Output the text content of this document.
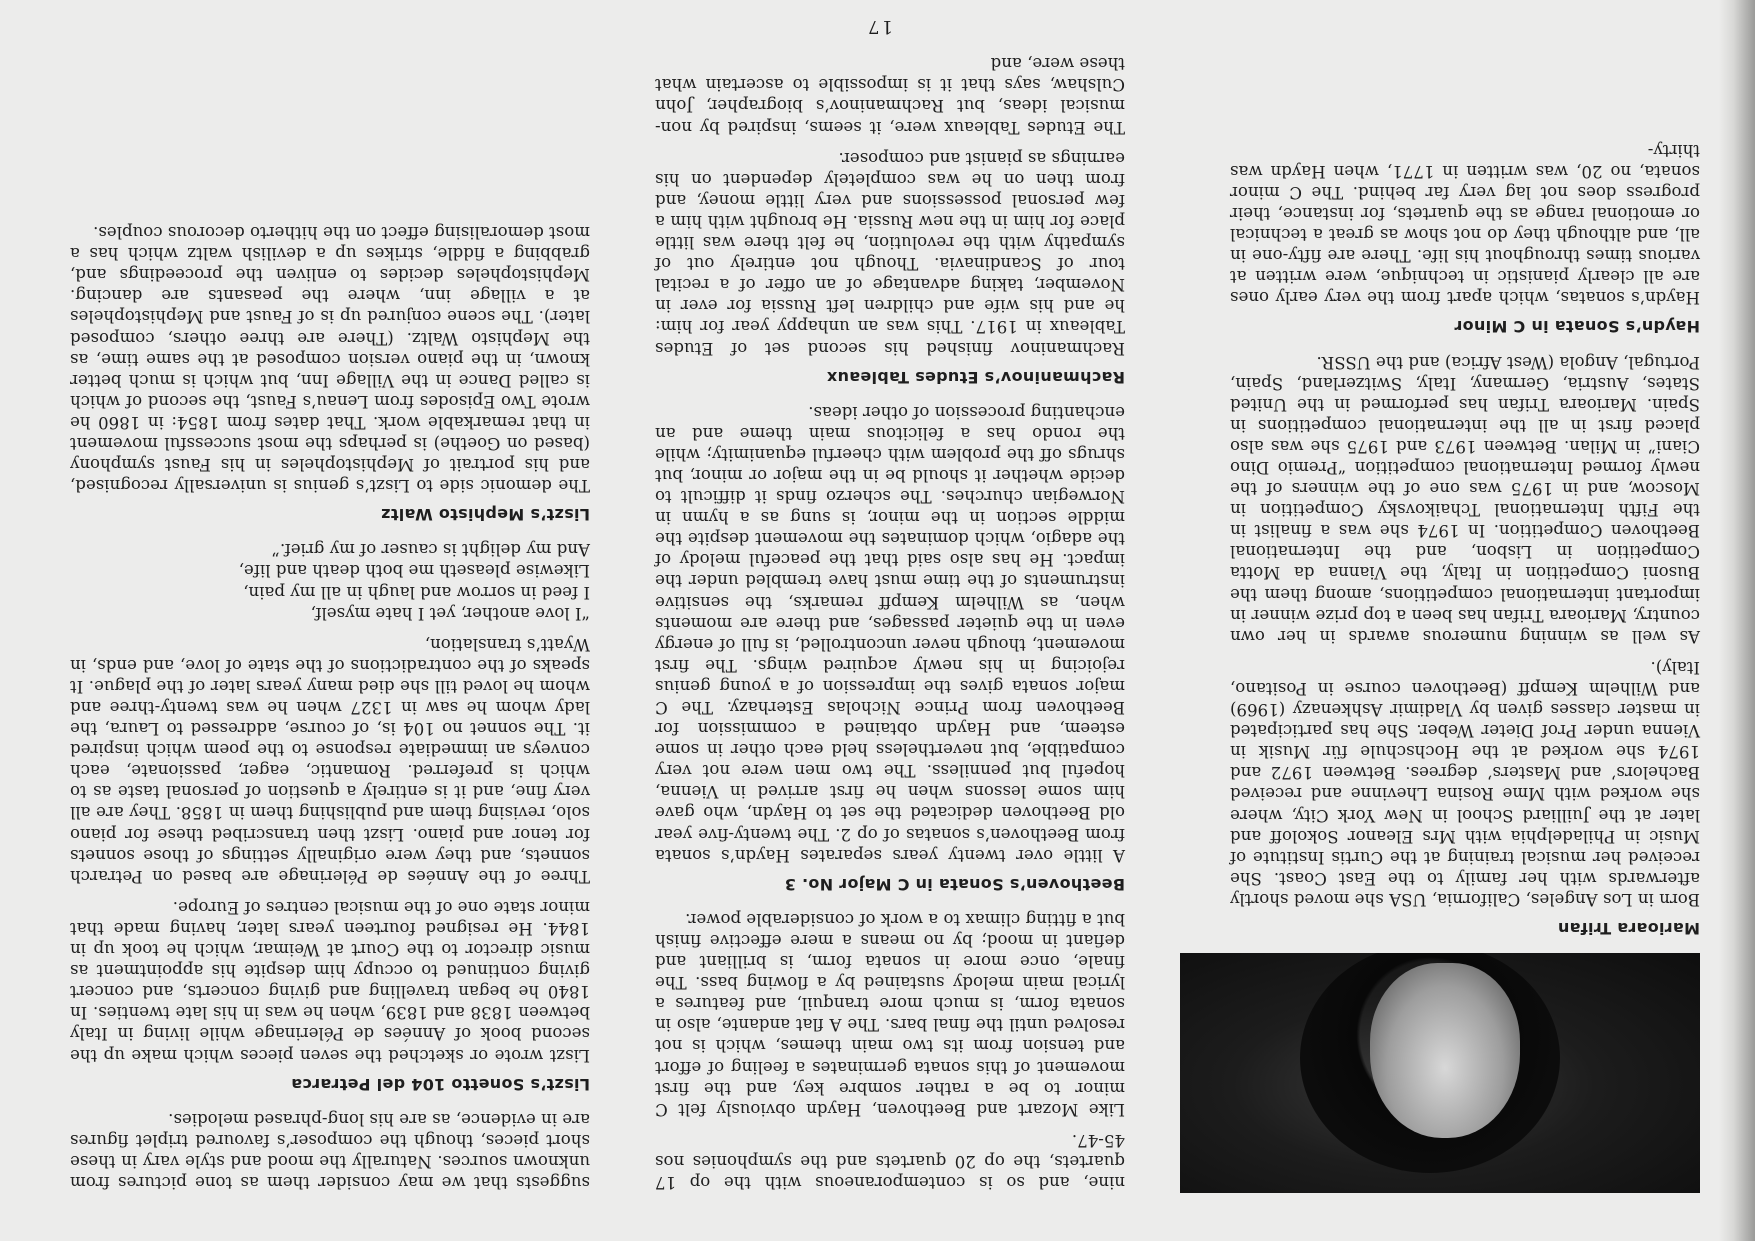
Marioara Trifan

Born in Los Angeles, California, USA she moved shortly afterwards with her family to the East Coast. She received her musical training at the Curtis Institute of Music in Philadelphia with Mrs Eleanor Sokoloff and later at the Juilliard School in New York City, where she worked with Mme Rosina Lhevinne and received Bachelors’ and Masters’ degrees. Between 1972 and 1974 she worked at the Hochschule für Musik in Vienna under Prof Dieter Weber. She has participated in master classes given by Vladimir Ashkenazy (1969) and Wilhelm Kempff (Beethoven course in Positano, Italy).

As well as winning numerous awards in her own country, Marioara Trifan has been a top prize winner in important international competitions, among them the Busoni Competition in Italy, the Vianna da Motta Competition in Lisbon, and the International Beethoven Competition. In 1974 she was a finalist in the Fifth International Tchaikovsky Competition in Moscow, and in 1975 was one of the winners of the newly formed International competition “Premio Dino Ciani” in Milan. Between 1973 and 1975 she was also placed first in all the international competitions in Spain. Marioara Trifan has performed in the United States, Austria, Germany, Italy, Switzerland, Spain, Portugal, Angola (West Africa) and the USSR.

Haydn’s Sonata in C Minor

Haydn’s sonatas, which apart from the very early ones are all clearly pianistic in technique, were written at various times throughout his life. There are fifty-one in all, and although they do not show as great a technical or emotional range as the quartets, for instance, their progress does not lag very far behind. The C minor sonata, no 20, was written in 1771, when Haydn was thirty-

nine, and so is contemporaneous with the op 17 quartets, the op 20 quartets and the symphonies nos 45-47.

Like Mozart and Beethoven, Haydn obviously felt C minor to be a rather sombre key, and the first movement of this sonata germinates a feeling of effort and tension from its two main themes, which is not resolved until the final bars. The A flat andante, also in sonata form, is much more tranquil, and features a lyrical main melody sustained by a flowing bass. The finale, once more in sonata form, is brilliant and defiant in mood; by no means a mere effective finish but a fitting climax to a work of considerable power.

Beethoven’s Sonata in C Major No. 3

A little over twenty years separates Haydn’s sonata from Beethoven’s sonatas of op 2. The twenty-five year old Beethoven dedicated the set to Haydn, who gave him some lessons when he first arrived in Vienna, hopeful but penniless. The two men were not very compatible, but nevertheless held each other in some esteem, and Haydn obtained a commission for Beethoven from Prince Nicholas Esterhazy. The C major sonata gives the impression of a young genius rejoicing in his newly acquired wings. The first movement, though never uncontrolled, is full of energy even in the quieter passages, and there are moments when, as Wilhelm Kempff remarks, the sensitive instruments of the time must have trembled under the impact. He has also said that the peaceful melody of the adagio, which dominates the movement despite the middle section in the minor, is sung as a hymn in Norwegian churches. The scherzo finds it difficult to decide whether it should be in the major or minor, but shrugs off the problem with cheerful equanimity; while the rondo has a felicitous main theme and an enchanting procession of other ideas.

Rachmaninov’s Etudes Tableaux

Rachmaninov finished his second set of Etudes Tableaux in 1917. This was an unhappy year for him: he and his wife and children left Russia for ever in November, taking advantage of an offer of a recital tour of Scandinavia. Though not entirely out of sympathy with the revolution, he felt there was little place for him in the new Russia. He brought with him a few personal possessions and very little money, and from then on he was completely dependent on his earnings as pianist and composer.

The Etudes Tableaux were, it seems, inspired by non-musical ideas, but Rachmaninov’s biographer, John Culshaw, says that it is impossible to ascertain what these were, and

suggests that we may consider them as tone pictures from unknown sources. Naturally the mood and style vary in these short pieces, though the composer’s favoured triplet figures are in evidence, as are his long-phrased melodies.

Liszt’s Sonetto 104 del Petrarca

Liszt wrote or sketched the seven pieces which make up the second book of Années de Pélerinage while living in Italy between 1838 and 1839, when he was in his late twenties. In 1840 he began travelling and giving concerts, and concert giving continued to occupy him despite his appointment as music director to the Court at Weimar, which he took up in 1844. He resigned fourteen years later, having made that minor state one of the musical centres of Europe.

Three of the Années de Pélerinage are based on Petrarch sonnets, and they were originally settings of those sonnets for tenor and piano. Liszt then transcribed these for piano solo, revising them and publishing them in 1858. They are all very fine, and it is entirely a question of personal taste as to which is preferred. Romantic, eager, passionate, each conveys an immediate response to the poem which inspired it. The sonnet no 104 is, of course, addressed to Laura, the lady whom he saw in 1327 when he was twenty-three and whom he loved till she died many years later of the plague. It speaks of the contradictions of the state of love, and ends, in Wyatt’s translation,

“I love another, yet I hate myself,
I feed in sorrow and laugh in all my pain,
Likewise pleaseth me both death and life,
And my delight is causer of my grief.”
Liszt’s Mephisto Waltz

The demonic side to Liszt’s genius is universally recognised, and his portrait of Mephistopheles in his Faust symphony (based on Goethe) is perhaps the most successful movement in that remarkable work. That dates from 1854: in 1860 he wrote Two Episodes from Lenau’s Faust, the second of which is called Dance in the Village Inn, but which is much better known, in the piano version composed at the same time, as the Mephisto Waltz. (There are three others, composed later). The scene conjured up is of Faust and Mephistopheles at a village inn, where the peasants are dancing. Mephistopheles decides to enliven the proceedings and, grabbing a fiddle, strikes up a devilish waltz which has a most demoralising effect on the hitherto decorous couples.

17
